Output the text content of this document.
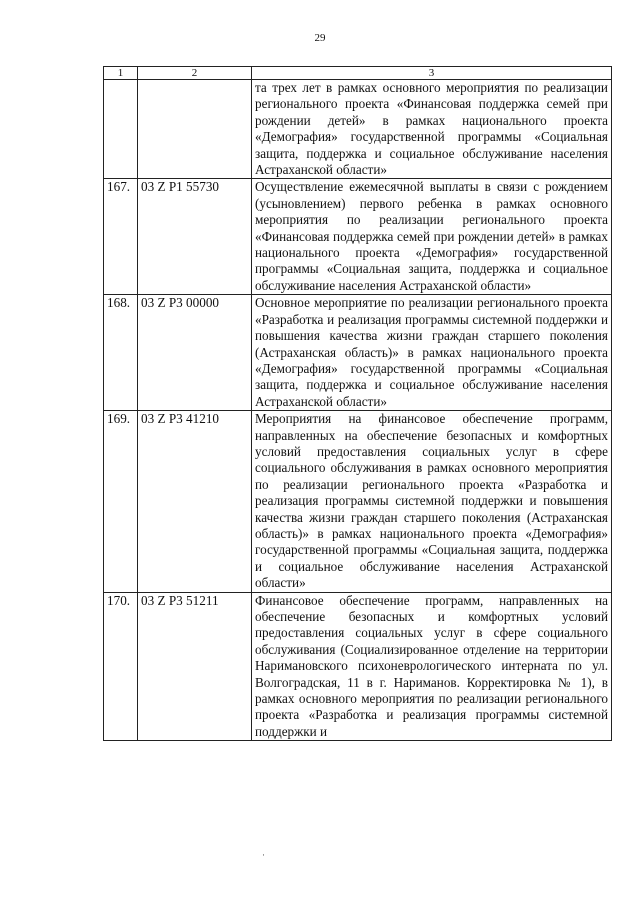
29
1	2	3
		та трех лет в рамках основного мероприятия по реализации регионального проекта «Финансовая поддержка семей при рождении детей» в рамках национального проекта «Демография» государственной программы «Социальная защита, поддержка и социальное обслуживание населения Астраханской области»
167.	03 Z P1 55730	Осуществление ежемесячной выплаты в связи с рождением (усыновлением) первого ребенка в рамках основного мероприятия по реализации регионального проекта «Финансовая поддержка семей при рождении детей» в рамках национального проекта «Демография» государственной программы «Социальная защита, поддержка и социальное обслуживание населения Астраханской области»
168.	03 Z P3 00000	Основное мероприятие по реализации регионального проекта «Разработка и реализация программы системной поддержки и повышения качества жизни граждан старшего поколения (Астраханская область)» в рамках национального проекта «Демография» государственной программы «Социальная защита, поддержка и социальное обслуживание населения Астраханской области»
169.	03 Z P3 41210	Мероприятия на финансовое обеспечение программ, направленных на обеспечение безопасных и комфортных условий предоставления социальных услуг в сфере социального обслуживания в рамках основного мероприятия по реализации регионального проекта «Разработка и реализация программы системной поддержки и повышения качества жизни граждан старшего поколения (Астраханская область)» в рамках национального проекта «Демография» государственной программы «Социальная защита, поддержка и социальное обслуживание населения Астраханской области»
170.	03 Z P3 51211	Финансовое обеспечение программ, направленных на обеспечение безопасных и комфортных условий предоставления социальных услуг в сфере социального обслуживания (Социализированное отделение на территории Наримановского психоневрологического интерната по ул. Волгоградская, 11 в г. Нариманов. Корректировка № 1), в рамках основного мероприятия по реализации регионального проекта «Разработка и реализация программы системной поддержки и
·
